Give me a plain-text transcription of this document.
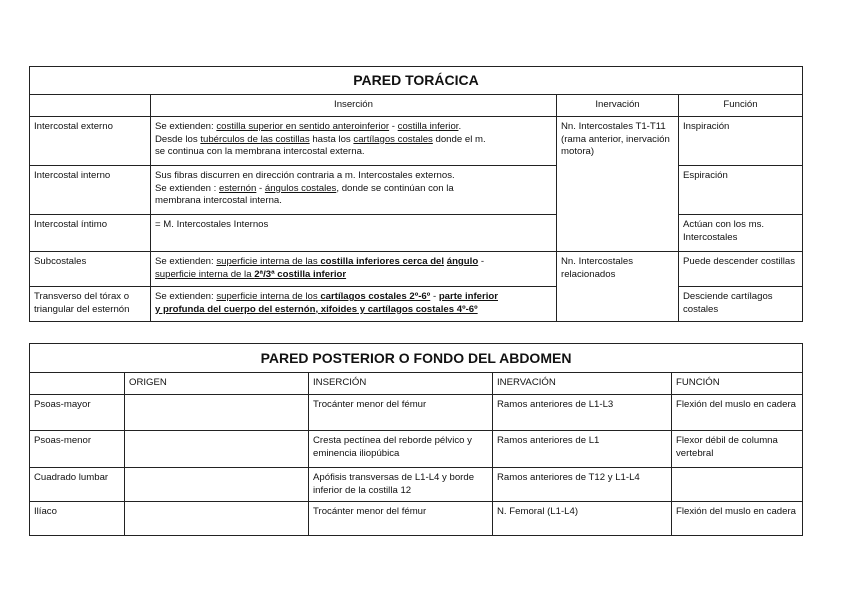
PARED TORÁCICA			
	Inserción	Inervación	Función
Intercostal externo	Se extienden: costilla superior en sentido anteroinferior - costilla inferior.
Desde los tubérculos de las costillas hasta los cartílagos costales donde el m.
se continua con la membrana intercostal externa.	Nn. Intercostales T1-T11 (rama anterior, inervación motora)	Inspiración
Intercostal interno	Sus fibras discurren en dirección contraria a m. Intercostales externos.
Se extienden : esternón - ángulos costales, donde se continúan con la
membrana intercostal interna.		Espiración
Intercostal íntimo	= M. Intercostales Internos		Actúan con los ms. Intercostales
Subcostales	Se extienden: superficie interna de las costilla inferiores cerca del ángulo -
superficie interna de la 2ª/3ª costilla inferior	Nn. Intercostales relacionados	Puede descender costillas
Transverso del tórax o triangular del esternón	Se extienden: superficie interna de los cartílagos costales 2º-6º - parte inferior
y profunda del cuerpo del esternón, xifoides y cartílagos costales 4º-6º		Desciende cartílagos costales
PARED POSTERIOR O FONDO DEL ABDOMEN				
	ORIGEN	INSERCIÓN	INERVACIÓN	FUNCIÓN
Psoas-mayor		Trocánter menor del fémur	Ramos anteriores de L1-L3	Flexión del muslo en cadera
Psoas-menor		Cresta pectínea del reborde pélvico y eminencia iliopúbica	Ramos anteriores de L1	Flexor débil de columna vertebral
Cuadrado lumbar		Apófisis transversas de L1-L4 y borde inferior de la costilla 12	Ramos anteriores de T12 y L1-L4	
Ilíaco		Trocánter menor del fémur	N. Femoral (L1-L4)	Flexión del muslo en cadera
